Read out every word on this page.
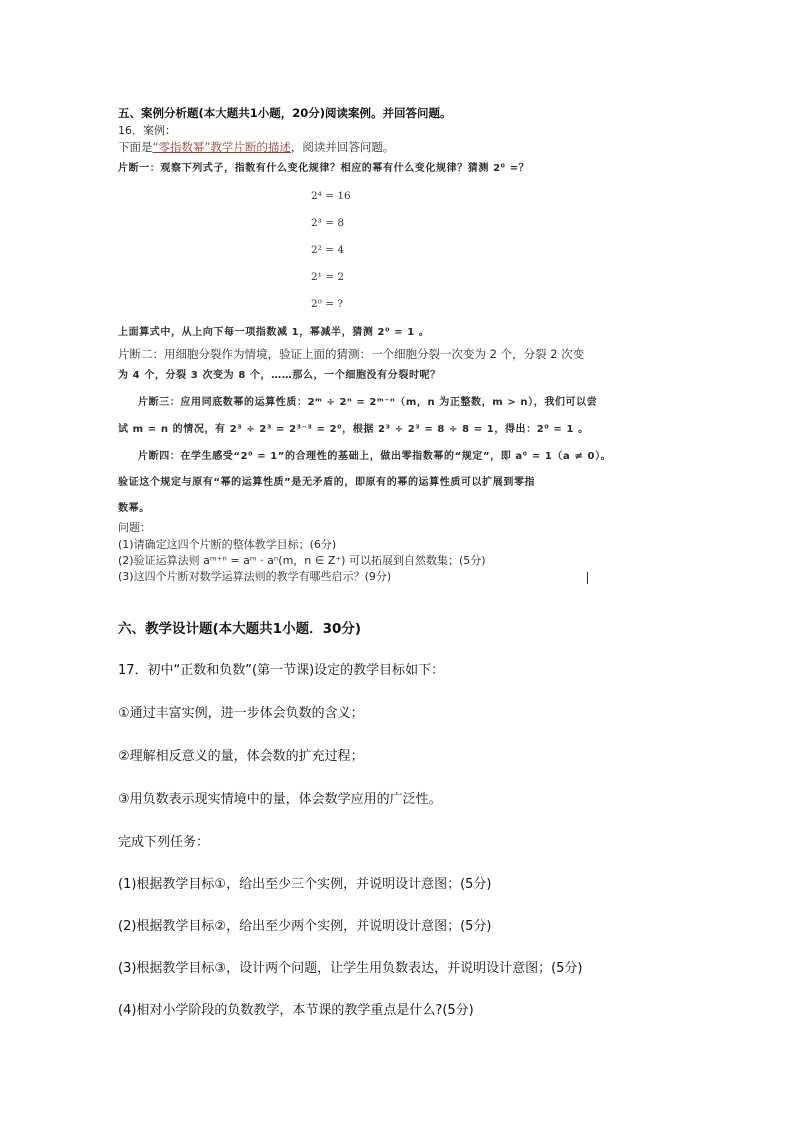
五、案例分析题(本大题共1小题，20分)阅读案例。并回答问题。
16．案例：
下面是“零指数幂”教学片断的描述，阅读并回答问题。
片断一：观察下列式子，指数有什么变化规律？相应的幂有什么变化规律？猜测 2⁰ =？
2⁴ = 16
2³ = 8
2² = 4
2¹ = 2
2⁰ = ?
上面算式中，从上向下每一项指数减 1，幂减半，猜测 2⁰ = 1 。
片断二：用细胞分裂作为情境，验证上面的猜测：一个细胞分裂一次变为 2 个，分裂 2 次变
为 4 个，分裂 3 次变为 8 个，……那么，一个细胞没有分裂时呢？
片断三：应用同底数幂的运算性质：2ᵐ ÷ 2ⁿ = 2ᵐ⁻ⁿ（m，n 为正整数，m > n），我们可以尝
试 m = n 的情况，有 2³ ÷ 2³ = 2³⁻³ = 2⁰，根据 2³ ÷ 2³ = 8 ÷ 8 = 1，得出：2⁰ = 1 。
片断四：在学生感受“2⁰ = 1”的合理性的基础上，做出零指数幂的“规定”，即 a⁰ = 1（a ≠ 0）。
验证这个规定与原有“幂的运算性质”是无矛盾的，即原有的幂的运算性质可以扩展到零指
数幂。
问题：
(1)请确定这四个片断的整体教学目标；(6分)
(2)验证运算法则 aᵐ⁺ⁿ = aᵐ · aⁿ(m，n ∈ Z⁺) 可以拓展到自然数集；(5分)
(3)这四个片断对数学运算法则的教学有哪些启示？(9分)
六、教学设计题(本大题共1小题．30分)
17．初中“正数和负数”(第一节课)设定的教学目标如下：
①通过丰富实例，进一步体会负数的含义；
②理解相反意义的量，体会数的扩充过程；
③用负数表示现实情境中的量，体会数学应用的广泛性。
完成下列任务：
(1)根据教学目标①，给出至少三个实例，并说明设计意图；(5分)
(2)根据教学目标②，给出至少两个实例，并说明设计意图；(5分)
(3)根据教学目标③，设计两个问题，让学生用负数表达，并说明设计意图；(5分)
(4)相对小学阶段的负数教学，本节课的教学重点是什么?(5分)
